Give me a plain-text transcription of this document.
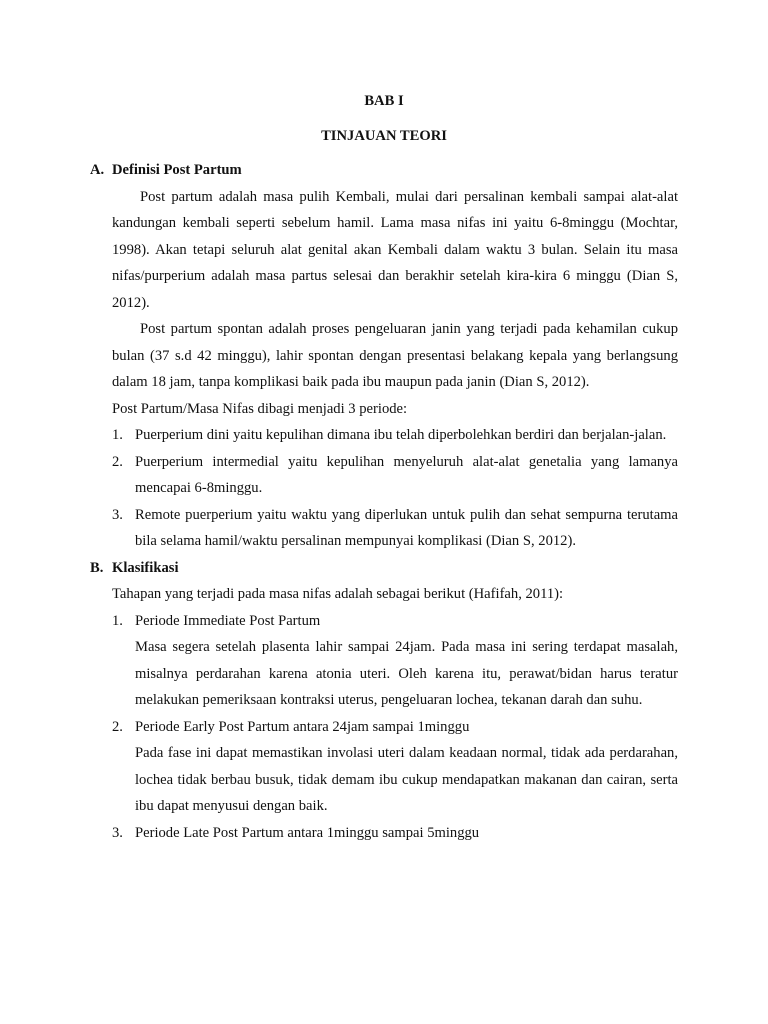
BAB I
TINJAUAN TEORI
A. Definisi Post Partum
Post partum adalah masa pulih Kembali, mulai dari persalinan kembali sampai alat-alat kandungan kembali seperti sebelum hamil. Lama masa nifas ini yaitu 6-8minggu (Mochtar, 1998). Akan tetapi seluruh alat genital akan Kembali dalam waktu 3 bulan. Selain itu masa nifas/purperium adalah masa partus selesai dan berakhir setelah kira-kira 6 minggu (Dian S, 2012).
Post partum spontan adalah proses pengeluaran janin yang terjadi pada kehamilan cukup bulan (37 s.d 42 minggu), lahir spontan dengan presentasi belakang kepala yang berlangsung dalam 18 jam, tanpa komplikasi baik pada ibu maupun pada janin (Dian S, 2012).
Post Partum/Masa Nifas dibagi menjadi 3 periode:
1. Puerperium dini yaitu kepulihan dimana ibu telah diperbolehkan berdiri dan berjalan-jalan.
2. Puerperium intermedial yaitu kepulihan menyeluruh alat-alat genetalia yang lamanya mencapai 6-8minggu.
3. Remote puerperium yaitu waktu yang diperlukan untuk pulih dan sehat sempurna terutama bila selama hamil/waktu persalinan mempunyai komplikasi (Dian S, 2012).
B. Klasifikasi
Tahapan yang terjadi pada masa nifas adalah sebagai berikut (Hafifah, 2011):
1. Periode Immediate Post Partum
Masa segera setelah plasenta lahir sampai 24jam. Pada masa ini sering terdapat masalah, misalnya perdarahan karena atonia uteri. Oleh karena itu, perawat/bidan harus teratur melakukan pemeriksaan kontraksi uterus, pengeluaran lochea, tekanan darah dan suhu.
2. Periode Early Post Partum antara 24jam sampai 1minggu
Pada fase ini dapat memastikan involasi uteri dalam keadaan normal, tidak ada perdarahan, lochea tidak berbau busuk, tidak demam ibu cukup mendapatkan makanan dan cairan, serta ibu dapat menyusui dengan baik.
3. Periode Late Post Partum antara 1minggu sampai 5minggu
